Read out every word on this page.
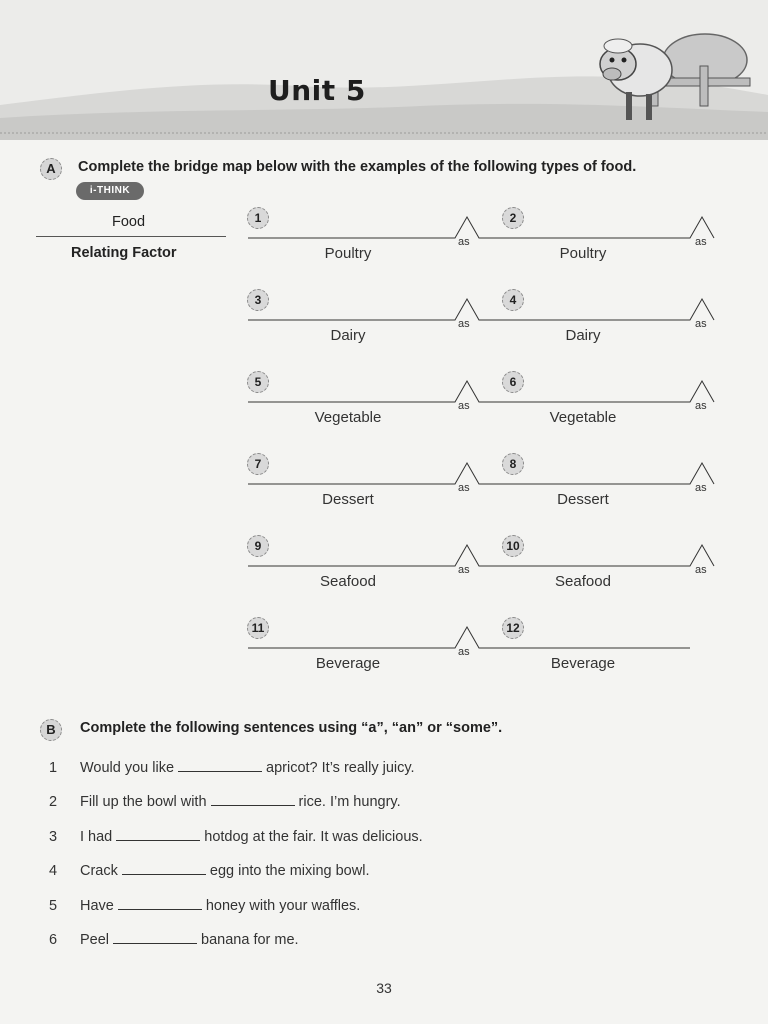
Unit 5
A	Complete the bridge map below with the examples of the following types of food.
i-THINK
Food
Relating Factor
1
Poultry
as
2
Poultry
as
3
Dairy
as
4
Dairy
as
5
Vegetable
as
6
Vegetable
as
7
Dessert
as
8
Dessert
as
9
Seafood
as
10
Seafood
as
11
Beverage
as
12
Beverage
B	Complete the following sentences using “a”, “an” or “some”.
1 Would you like	apricot? It’s really juicy.
2 Fill up the bowl with	rice. I’m hungry.
3 I had	hotdog at the fair. It was delicious.
4 Crack	egg into the mixing bowl.
5 Have	honey with your waffles.
6 Peel	banana for me.
33
